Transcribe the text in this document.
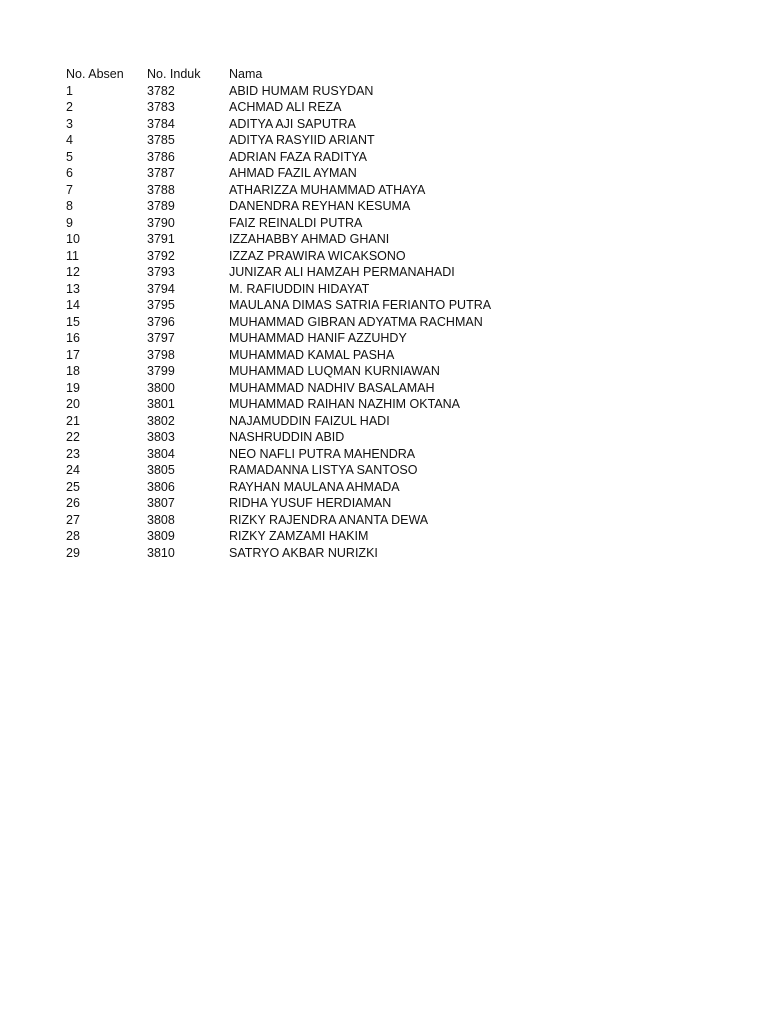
No. Absen	No. Induk	Nama
1	3782	ABID HUMAM RUSYDAN
2	3783	ACHMAD ALI REZA
3	3784	ADITYA AJI SAPUTRA
4	3785	ADITYA RASYIID ARIANT
5	3786	ADRIAN FAZA RADITYA
6	3787	AHMAD FAZIL AYMAN
7	3788	ATHARIZZA MUHAMMAD ATHAYA
8	3789	DANENDRA REYHAN KESUMA
9	3790	FAIZ REINALDI PUTRA
10	3791	IZZAHABBY AHMAD GHANI
11	3792	IZZAZ PRAWIRA WICAKSONO
12	3793	JUNIZAR ALI HAMZAH PERMANAHADI
13	3794	M. RAFIUDDIN HIDAYAT
14	3795	MAULANA DIMAS SATRIA FERIANTO PUTRA
15	3796	MUHAMMAD GIBRAN ADYATMA RACHMAN
16	3797	MUHAMMAD HANIF AZZUHDY
17	3798	MUHAMMAD KAMAL PASHA
18	3799	MUHAMMAD LUQMAN KURNIAWAN
19	3800	MUHAMMAD NADHIV BASALAMAH
20	3801	MUHAMMAD RAIHAN NAZHIM OKTANA
21	3802	NAJAMUDDIN FAIZUL HADI
22	3803	NASHRUDDIN ABID
23	3804	NEO NAFLI PUTRA MAHENDRA
24	3805	RAMADANNA LISTYA SANTOSO
25	3806	RAYHAN MAULANA AHMADA
26	3807	RIDHA YUSUF HERDIAMAN
27	3808	RIZKY RAJENDRA ANANTA DEWA
28	3809	RIZKY ZAMZAMI HAKIM
29	3810	SATRYO AKBAR NURIZKI
